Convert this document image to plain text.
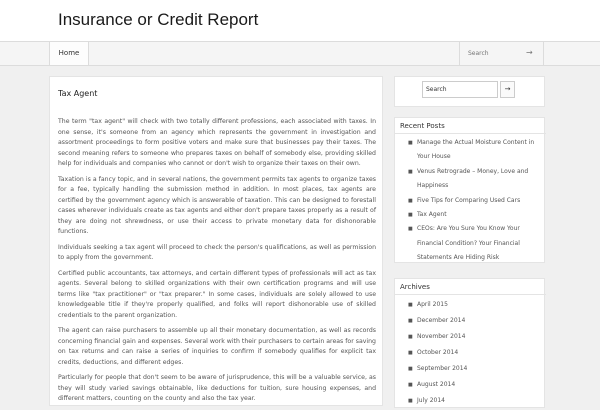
Insurance or Credit Report
Home
Search	→
Tax Agent

The term "tax agent" will check with two totally different professions, each associated with taxes. In one sense, it's someone from an agency which represents the government in investigation and assortment proceedings to form positive voters and make sure that businesses pay their taxes. The second meaning refers to someone who prepares taxes on behalf of somebody else, providing skilled help for individuals and companies who cannot or don't wish to organize their taxes on their own.

Taxation is a fancy topic, and in several nations, the government permits tax agents to organize taxes for a fee, typically handling the submission method in addition. In most places, tax agents are certified by the government agency which is answerable of taxation. This can be designed to forestall cases wherever individuals create as tax agents and either don't prepare taxes properly as a result of they are doing not shrewdness, or use their access to private monetary data for dishonorable functions.

Individuals seeking a tax agent will proceed to check the person's qualifications, as well as permission to apply from the government.

Certified public accountants, tax attorneys, and certain different types of professionals will act as tax agents. Several belong to skilled organizations with their own certification programs and will use terms like "tax practitioner" or "tax preparer." In some cases, individuals are solely allowed to use knowledgeable title if they're properly qualified, and folks will report dishonorable use of skilled credentials to the parent organization.

The agent can raise purchasers to assemble up all their monetary documentation, as well as records concerning financial gain and expenses. Several work with their purchasers to certain areas for saving on tax returns and can raise a series of inquiries to confirm if somebody qualifies for explicit tax credits, deductions, and different edges.

Particularly for people that don't seem to be aware of jurisprudence, this will be a valuable service, as they will study varied savings obtainable, like deductions for tuition, sure housing expenses, and different matters, counting on the county and also the tax year.

Search
→
Recent Posts
■ Manage the Actual Moisture Content in Your House
■ Venus Retrograde – Money, Love and Happiness
■ Five Tips for Comparing Used Cars
■ Tax Agent
■ CEOs: Are You Sure You Know Your Financial Condition? Your Financial Statements Are Hiding Risk
Archives
■ April 2015
■ December 2014
■ November 2014
■ October 2014
■ September 2014
■ August 2014
■ July 2014
